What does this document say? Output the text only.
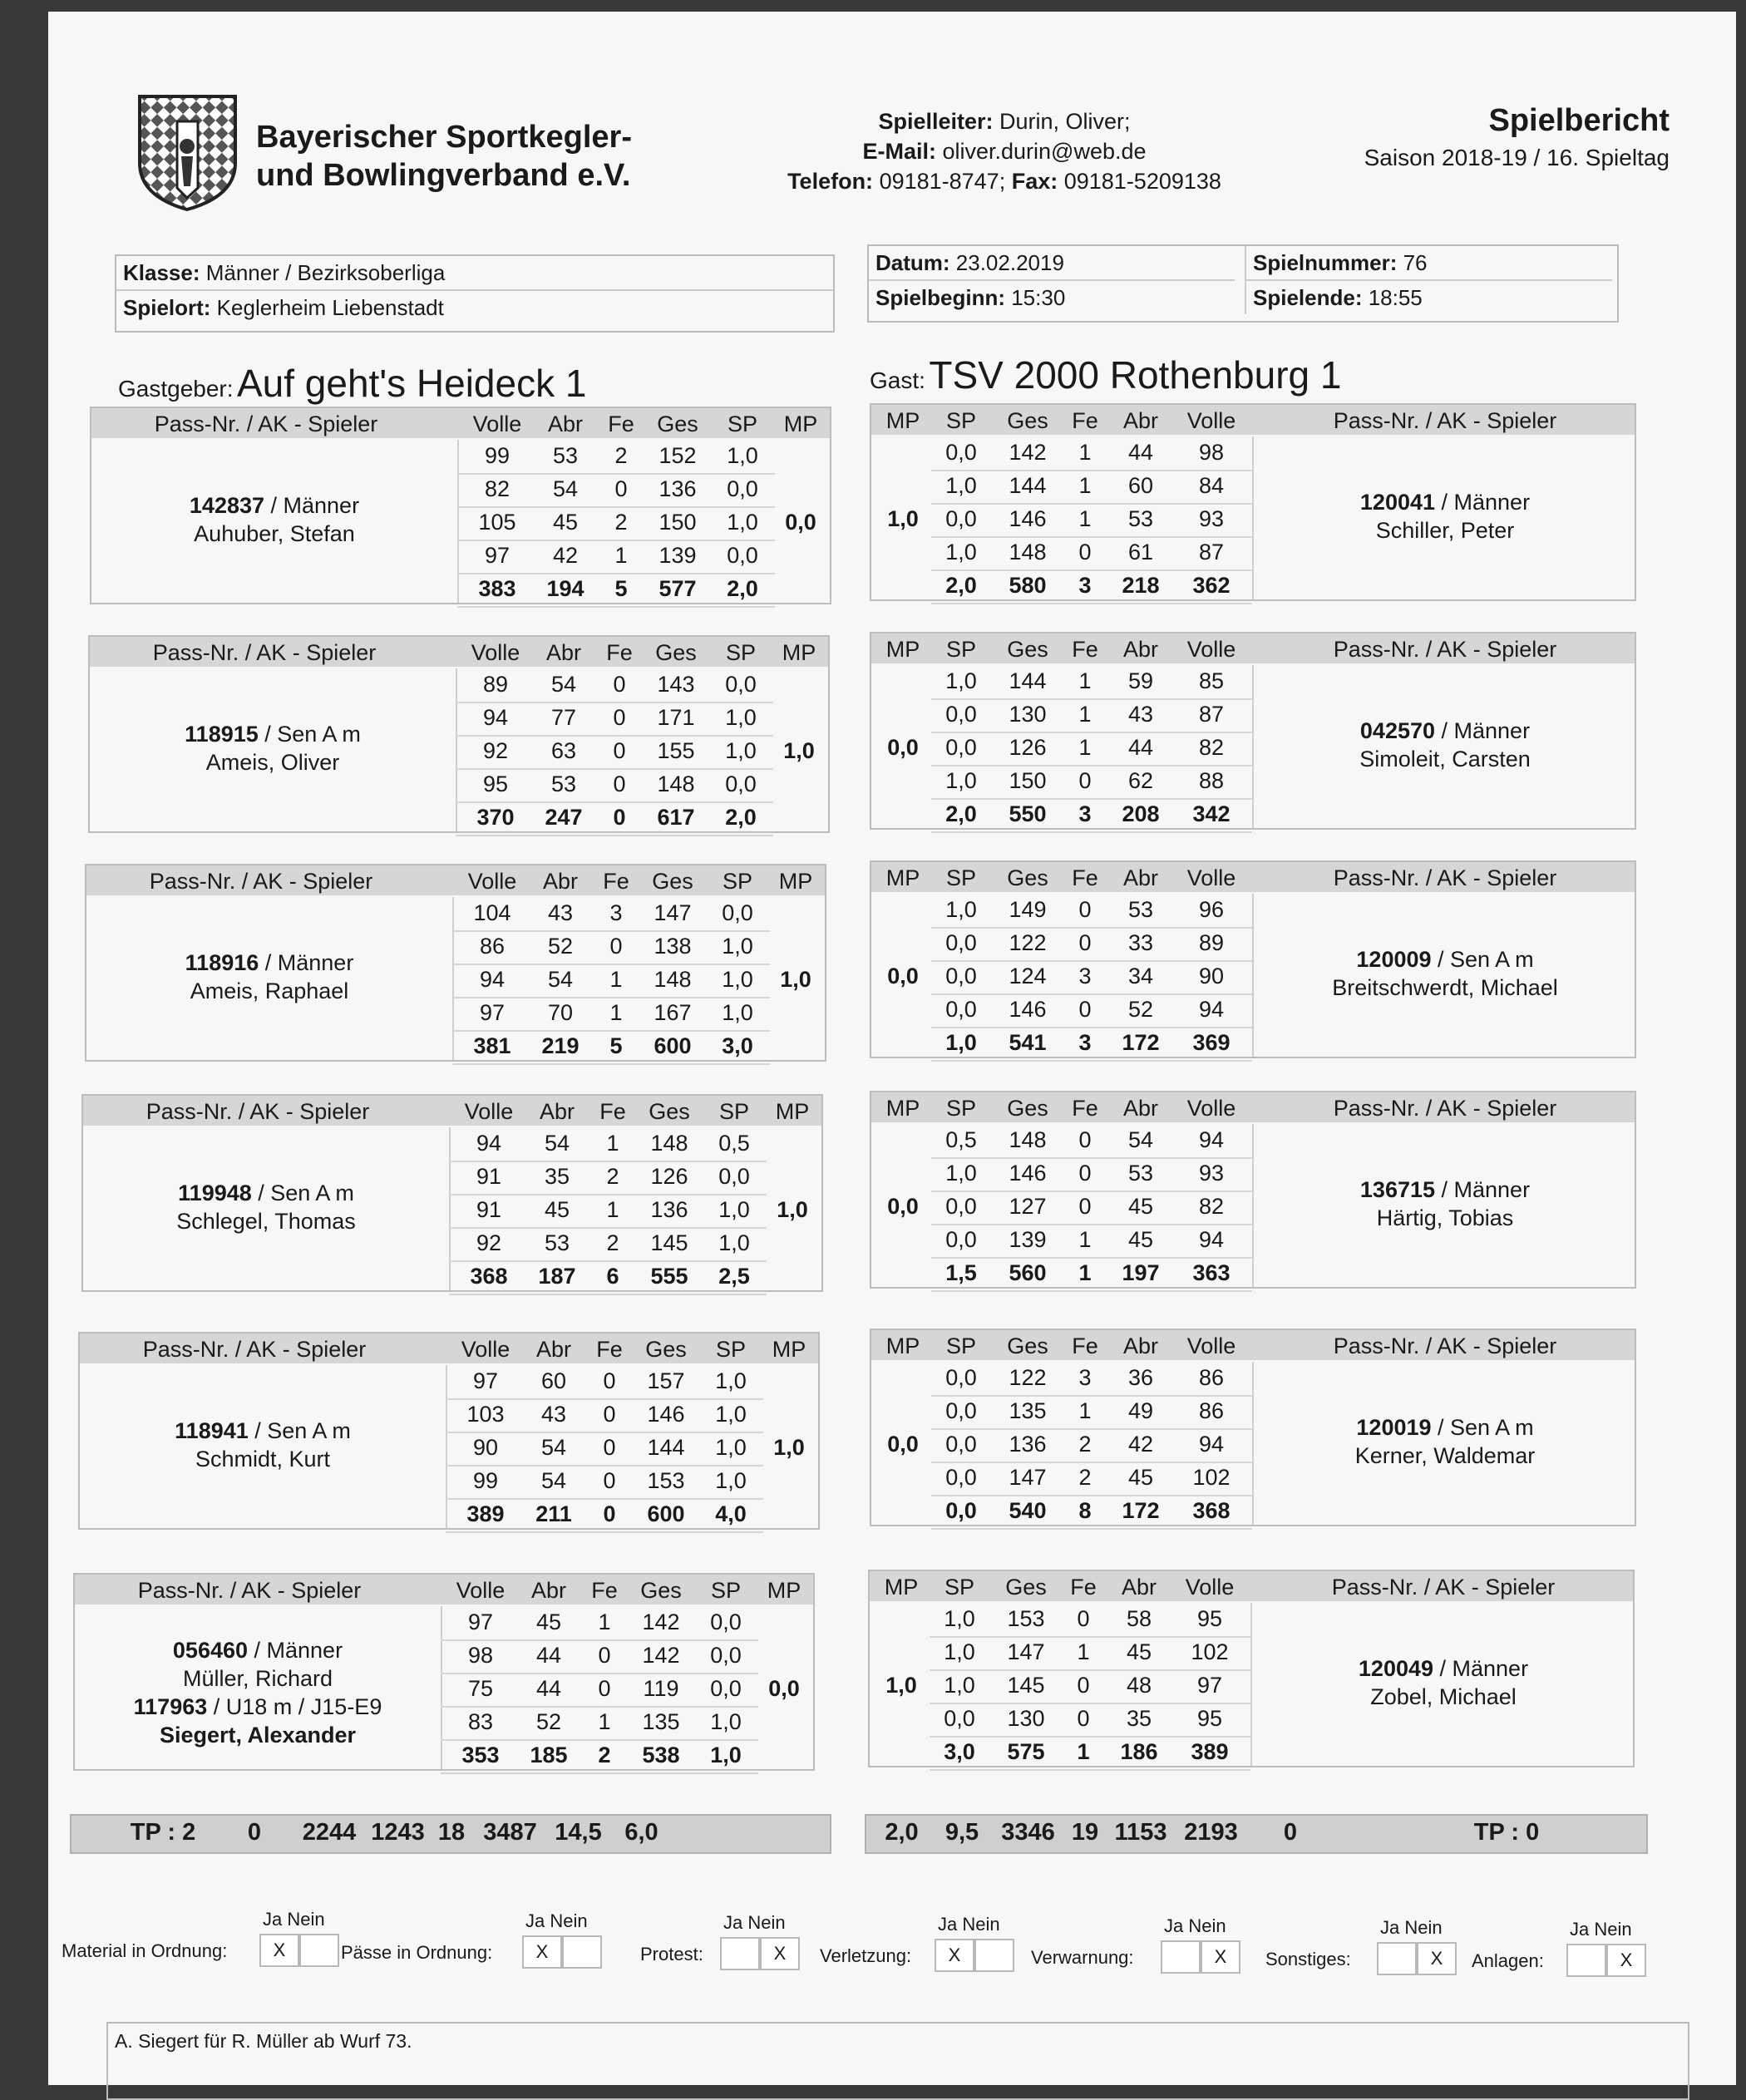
Bayerischer Sportkegler-
und Bowlingverband e.V.
Spielleiter: Durin, Oliver;
E-Mail: oliver.durin@web.de
Telefon: 09181-8747; Fax: 09181-5209138
Spielbericht
Saison 2018-19 / 16. Spieltag
Klasse: Männer / Bezirksoberliga
Spielort: Keglerheim Liebenstadt
Datum: 23.02.2019
Spielbeginn: 15:30
Spielnummer: 76
Spielende: 18:55
Gastgeber: Auf geht's Heideck 1	Gast: TSV 2000 Rothenburg 1
Pass-Nr. / AK - Spieler	Volle	Abr	Fe	Ges	SP	MP
99	53	2	152	1,0
82	54	0	136	0,0
105	45	2	150	1,0
97	42	1	139	0,0
383	194	5	577	2,0
0,0
142837 / Männer
Auhuber, Stefan
MP	SP	Ges	Fe	Abr	Volle	Pass-Nr. / AK - Spieler
0,0	142	1	44	98
1,0	144	1	60	84
0,0	146	1	53	93
1,0	148	0	61	87
2,0	580	3	218	362
1,0
120041 / Männer
Schiller, Peter
Pass-Nr. / AK - Spieler	Volle	Abr	Fe	Ges	SP	MP
89	54	0	143	0,0
94	77	0	171	1,0
92	63	0	155	1,0
95	53	0	148	0,0
370	247	0	617	2,0
1,0
118915 / Sen A m
Ameis, Oliver
MP	SP	Ges	Fe	Abr	Volle	Pass-Nr. / AK - Spieler
1,0	144	1	59	85
0,0	130	1	43	87
0,0	126	1	44	82
1,0	150	0	62	88
2,0	550	3	208	342
0,0
042570 / Männer
Simoleit, Carsten
Pass-Nr. / AK - Spieler	Volle	Abr	Fe	Ges	SP	MP
104	43	3	147	0,0
86	52	0	138	1,0
94	54	1	148	1,0
97	70	1	167	1,0
381	219	5	600	3,0
1,0
118916 / Männer
Ameis, Raphael
MP	SP	Ges	Fe	Abr	Volle	Pass-Nr. / AK - Spieler
1,0	149	0	53	96
0,0	122	0	33	89
0,0	124	3	34	90
0,0	146	0	52	94
1,0	541	3	172	369
0,0
120009 / Sen A m
Breitschwerdt, Michael
Pass-Nr. / AK - Spieler	Volle	Abr	Fe	Ges	SP	MP
94	54	1	148	0,5
91	35	2	126	0,0
91	45	1	136	1,0
92	53	2	145	1,0
368	187	6	555	2,5
1,0
119948 / Sen A m
Schlegel, Thomas
MP	SP	Ges	Fe	Abr	Volle	Pass-Nr. / AK - Spieler
0,5	148	0	54	94
1,0	146	0	53	93
0,0	127	0	45	82
0,0	139	1	45	94
1,5	560	1	197	363
0,0
136715 / Männer
Härtig, Tobias
Pass-Nr. / AK - Spieler	Volle	Abr	Fe	Ges	SP	MP
97	60	0	157	1,0
103	43	0	146	1,0
90	54	0	144	1,0
99	54	0	153	1,0
389	211	0	600	4,0
1,0
118941 / Sen A m
Schmidt, Kurt
MP	SP	Ges	Fe	Abr	Volle	Pass-Nr. / AK - Spieler
0,0	122	3	36	86
0,0	135	1	49	86
0,0	136	2	42	94
0,0	147	2	45	102
0,0	540	8	172	368
0,0
120019 / Sen A m
Kerner, Waldemar
Pass-Nr. / AK - Spieler	Volle	Abr	Fe	Ges	SP	MP
97	45	1	142	0,0
98	44	0	142	0,0
75	44	0	119	0,0
83	52	1	135	1,0
353	185	2	538	1,0
0,0
056460 / Männer
Müller, Richard
117963 / U18 m / J15-E9
Siegert, Alexander
MP	SP	Ges	Fe	Abr	Volle	Pass-Nr. / AK - Spieler
1,0	153	0	58	95
1,0	147	1	45	102
1,0	145	0	48	97
0,0	130	0	35	95
3,0	575	1	186	389
1,0
120049 / Männer
Zobel, Michael
TP : 2	0	2244 1243 18 3487 14,5 6,0	2,0	9,5 3346 19 1153 2193	0	TP : 0
Material in Ordnung:
Ja Nein
X	Pässe in Ordnung:
Ja Nein
X	Protest:
Ja Nein
X	Verletzung:
Ja Nein
X	Verwarnung:
Ja Nein
X	Sonstiges:
Ja Nein
X	Anlagen:
Ja Nein
X
A. Siegert für R. Müller ab Wurf 73.
